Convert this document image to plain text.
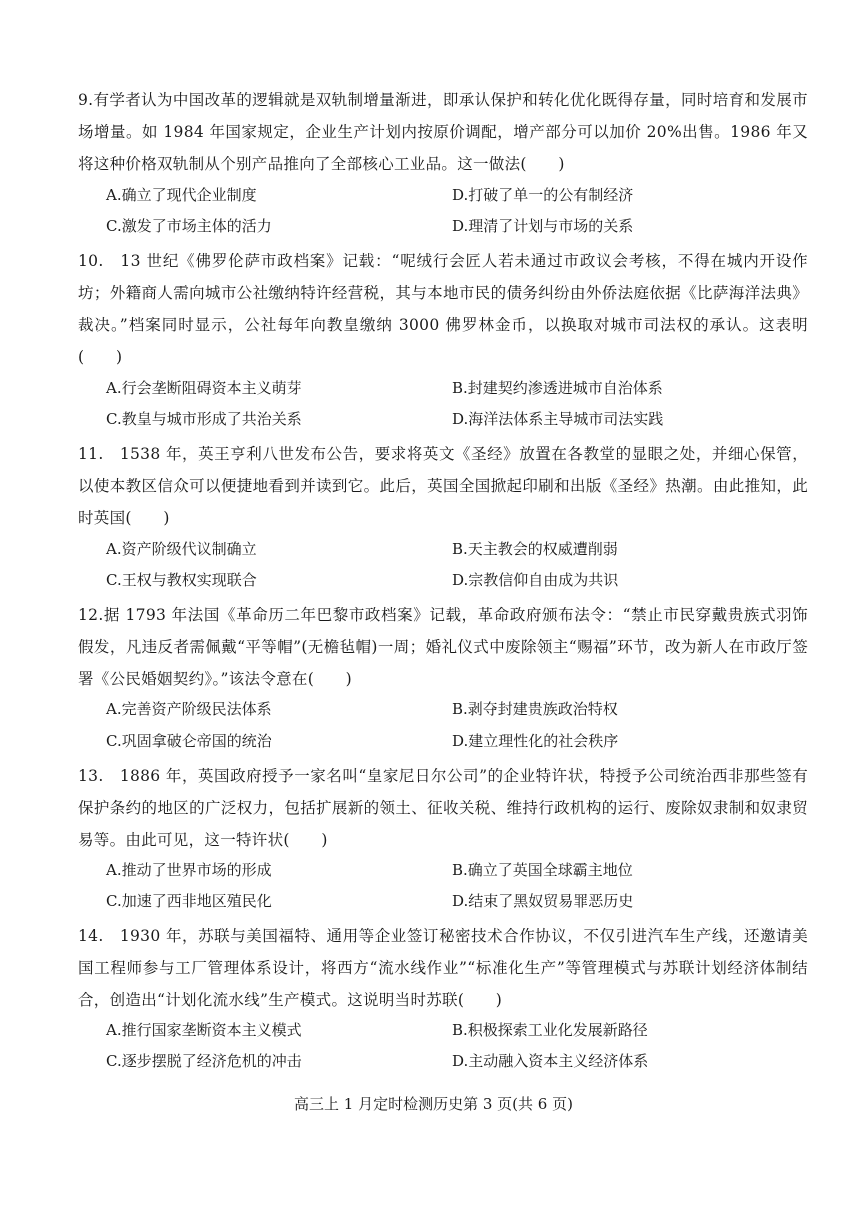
9.有学者认为中国改革的逻辑就是双轨制增量渐进，即承认保护和转化优化既得存量，同时培育和发展市场增量。如 1984 年国家规定，企业生产计划内按原价调配，增产部分可以加价 20%出售。1986 年又将这种价格双轨制从个别产品推向了全部核心工业品。这一做法(　　)
A.确立了现代企业制度	D.打破了单一的公有制经济
C.激发了市场主体的活力	D.理清了计划与市场的关系
10.　13 世纪《佛罗伦萨市政档案》记载：“呢绒行会匠人若未通过市政议会考核，不得在城内开设作坊；外籍商人需向城市公社缴纳特许经营税，其与本地市民的债务纠纷由外侨法庭依据《比萨海洋法典》裁决。”档案同时显示，公社每年向教皇缴纳 3000 佛罗林金币，以换取对城市司法权的承认。这表明(　　)
A.行会垄断阻碍资本主义萌芽	B.封建契约渗透进城市自治体系
C.教皇与城市形成了共治关系	D.海洋法体系主导城市司法实践
11.　1538 年，英王亨利八世发布公告，要求将英文《圣经》放置在各教堂的显眼之处，并细心保管，以使本教区信众可以便捷地看到并读到它。此后，英国全国掀起印刷和出版《圣经》热潮。由此推知，此时英国(　　)
A.资产阶级代议制确立	B.天主教会的权威遭削弱
C.王权与教权实现联合	D.宗教信仰自由成为共识
12.据 1793 年法国《革命历二年巴黎市政档案》记载，革命政府颁布法令：“禁止市民穿戴贵族式羽饰假发，凡违反者需佩戴“平等帽”(无檐毡帽)一周；婚礼仪式中废除领主“赐福”环节，改为新人在市政厅签署《公民婚姻契约》。”该法令意在(　　)
A.完善资产阶级民法体系	B.剥夺封建贵族政治特权
C.巩固拿破仑帝国的统治	D.建立理性化的社会秩序
13.　1886 年，英国政府授予一家名叫“皇家尼日尔公司”的企业特许状，特授予公司统治西非那些签有保护条约的地区的广泛权力，包括扩展新的领土、征收关税、维持行政机构的运行、废除奴隶制和奴隶贸易等。由此可见，这一特许状(　　)
A.推动了世界市场的形成	B.确立了英国全球霸主地位
C.加速了西非地区殖民化	D.结束了黑奴贸易罪恶历史
14.　1930 年，苏联与美国福特、通用等企业签订秘密技术合作协议，不仅引进汽车生产线，还邀请美国工程师参与工厂管理体系设计，将西方“流水线作业”“标准化生产”等管理模式与苏联计划经济体制结合，创造出“计划化流水线”生产模式。这说明当时苏联(　　)
A.推行国家垄断资本主义模式	B.积极探索工业化发展新路径
C.逐步摆脱了经济危机的冲击	D.主动融入资本主义经济体系
高三上 1 月定时检测历史第 3 页(共 6 页)
